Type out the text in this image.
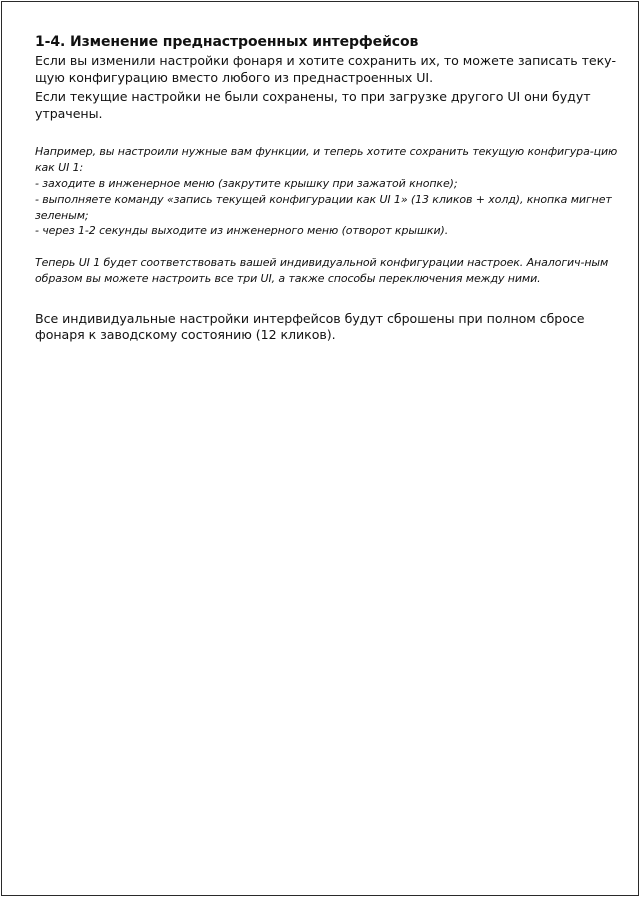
1-4. Изменение преднастроенных интерфейсов

Если вы изменили настройки фонаря и хотите сохранить их, то можете записать теку-щую конфигурацию вместо любого из преднастроенных UI.

Если текущие настройки не были сохранены, то при загрузке другого UI они будут утрачены.

Например, вы настроили нужные вам функции, и теперь хотите сохранить текущую конфигура-цию как UI 1:
- заходите в инженерное меню (закрутите крышку при зажатой кнопке);
- выполняете команду «запись текущей конфигурации как UI 1» (13 кликов + холд), кнопка мигнет зеленым;
- через 1-2 секунды выходите из инженерного меню (отворот крышки).
Теперь UI 1 будет соответствовать вашей индивидуальной конфигурации настроек. Аналогич-ным образом вы можете настроить все три UI, а также способы переключения между ними.

Все индивидуальные настройки интерфейсов будут сброшены при полном сбросе фонаря к заводскому состоянию (12 кликов).
